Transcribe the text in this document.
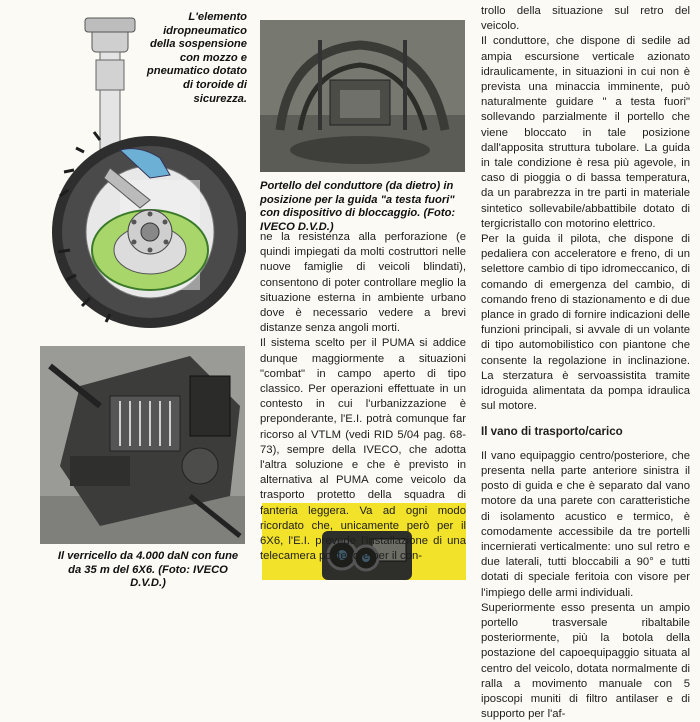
L'elemento idropneumatico della sospensione con mozzo e pneumatico dotato di toroide di sicurezza.
Il verricello da 4.000 daN con fune da 35 m del 6X6. (Foto: IVECO D.V.D.)
Portello del conduttore (da dietro) in posizione per la guida "a testa fuori" con dispositivo di bloccaggio. (Foto: IVECO D.V.D.)

ne la resistenza alla perforazione (e quindi impiegati da molti costruttori nelle nuove famiglie di veicoli blindati), consentono di poter controllare meglio la situazione esterna in ambiente urbano dove è necessario vedere a brevi distanze senza angoli morti.

Il sistema scelto per il PUMA si addice dunque maggiormente a situazioni "combat" in campo aperto di tipo classico. Per operazioni effettuate in un contesto in cui l'urbanizzazione è preponderante, l'E.I. potrà comunque far ricorso al VTLM (vedi RID 5/04 pag. 68-73), sempre della IVECO, che adotta l'altra soluzione e che è previsto in alternativa al PUMA come veicolo da trasporto protetto della squadra di fanteria leggera. Va ad ogni modo ricordato che, unicamente però per il 6X6, l'E.I. prevede l'installazione di una telecamera posteriore per il con-

trollo della situazione sul retro del veicolo.

Il conduttore, che dispone di sedile ad ampia escursione verticale azionato idraulicamente, in situazioni in cui non è prevista una minaccia imminente, può naturalmente guidare " a testa fuori" sollevando parzialmente il portello che viene bloccato in tale posizione dall'apposita struttura tubolare. La guida in tale condizione è resa più agevole, in caso di pioggia o di bassa temperatura, da un parabrezza in tre parti in materiale sintetico sollevabile/abbattibile dotato di tergicristallo con motorino elettrico.

Per la guida il pilota, che dispone di pedaliera con acceleratore e freno, di un selettore cambio di tipo idromeccanico, di comando di emergenza del cambio, di comando freno di stazionamento e di due plance in grado di fornire indicazioni delle funzioni principali, si avvale di un volante di tipo automobilistico con piantone che consente la regolazione in inclinazione. La sterzatura è servoassistita tramite idroguida alimentata da pompa idraulica sul motore.

Il vano di trasporto/carico

Il vano equipaggio centro/posteriore, che presenta nella parte anteriore sinistra il posto di guida e che è separato dal vano motore da una parete con caratteristiche di isolamento acustico e termico, è comodamente accessibile da tre portelli incernierati verticalmente: uno sul retro e due laterali, tutti bloccabili a 90° e tutti dotati di speciale feritoia con visore per l'impiego delle armi individuali.

Superiormente esso presenta un ampio portello trasversale ribaltabile posteriormente, più la botola della postazione del capoequipaggio situata al centro del veicolo, dotata normalmente di ralla a movimento manuale con 5 iposcopi muniti di filtro antilaser e di supporto per l'af-
